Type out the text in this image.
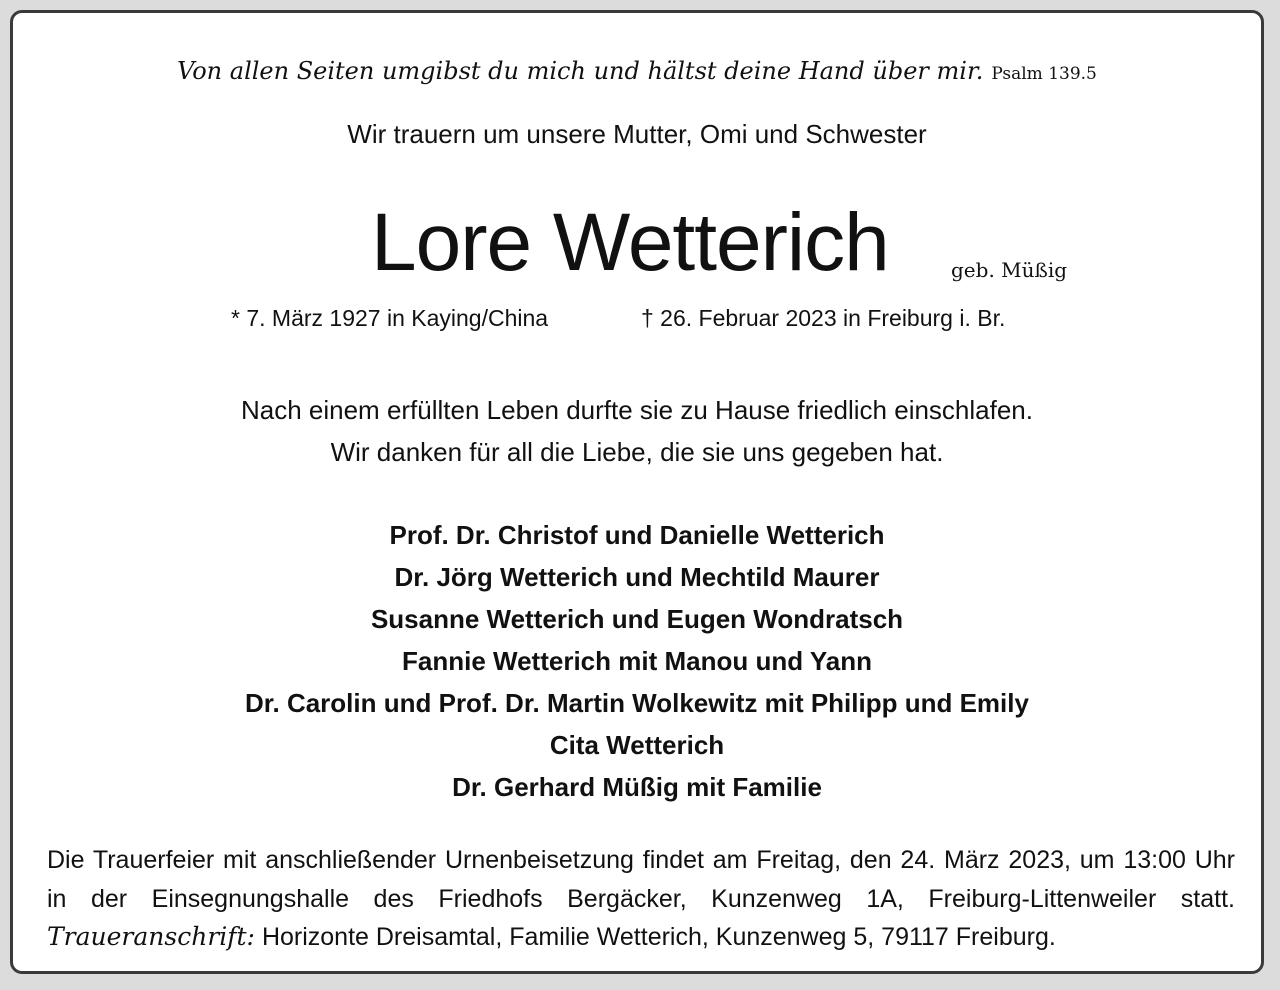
Von allen Seiten umgibst du mich und hältst deine Hand über mir. Psalm 139.5
Wir trauern um unsere Mutter, Omi und Schwester
Lore Wetterich	geb. Müßig
* 7. März 1927 in Kaying/China	† 26. Februar 2023 in Freiburg i. Br.
Nach einem erfüllten Leben durfte sie zu Hause friedlich einschlafen.
Wir danken für all die Liebe, die sie uns gegeben hat.
Prof. Dr. Christof und Danielle Wetterich
Dr. Jörg Wetterich und Mechtild Maurer
Susanne Wetterich und Eugen Wondratsch
Fannie Wetterich mit Manou und Yann
Dr. Carolin und Prof. Dr. Martin Wolkewitz mit Philipp und Emily
Cita Wetterich
Dr. Gerhard Müßig mit Familie
Die Trauerfeier mit anschließender Urnenbeisetzung findet am Freitag, den 24. März 2023, um 13:00 Uhr in der Einsegnungshalle des Friedhofs Bergäcker, Kunzenweg 1A, Freiburg-Littenweiler statt. Traueranschrift: Horizonte Dreisamtal, Familie Wetterich, Kunzenweg 5, 79117 Freiburg.
